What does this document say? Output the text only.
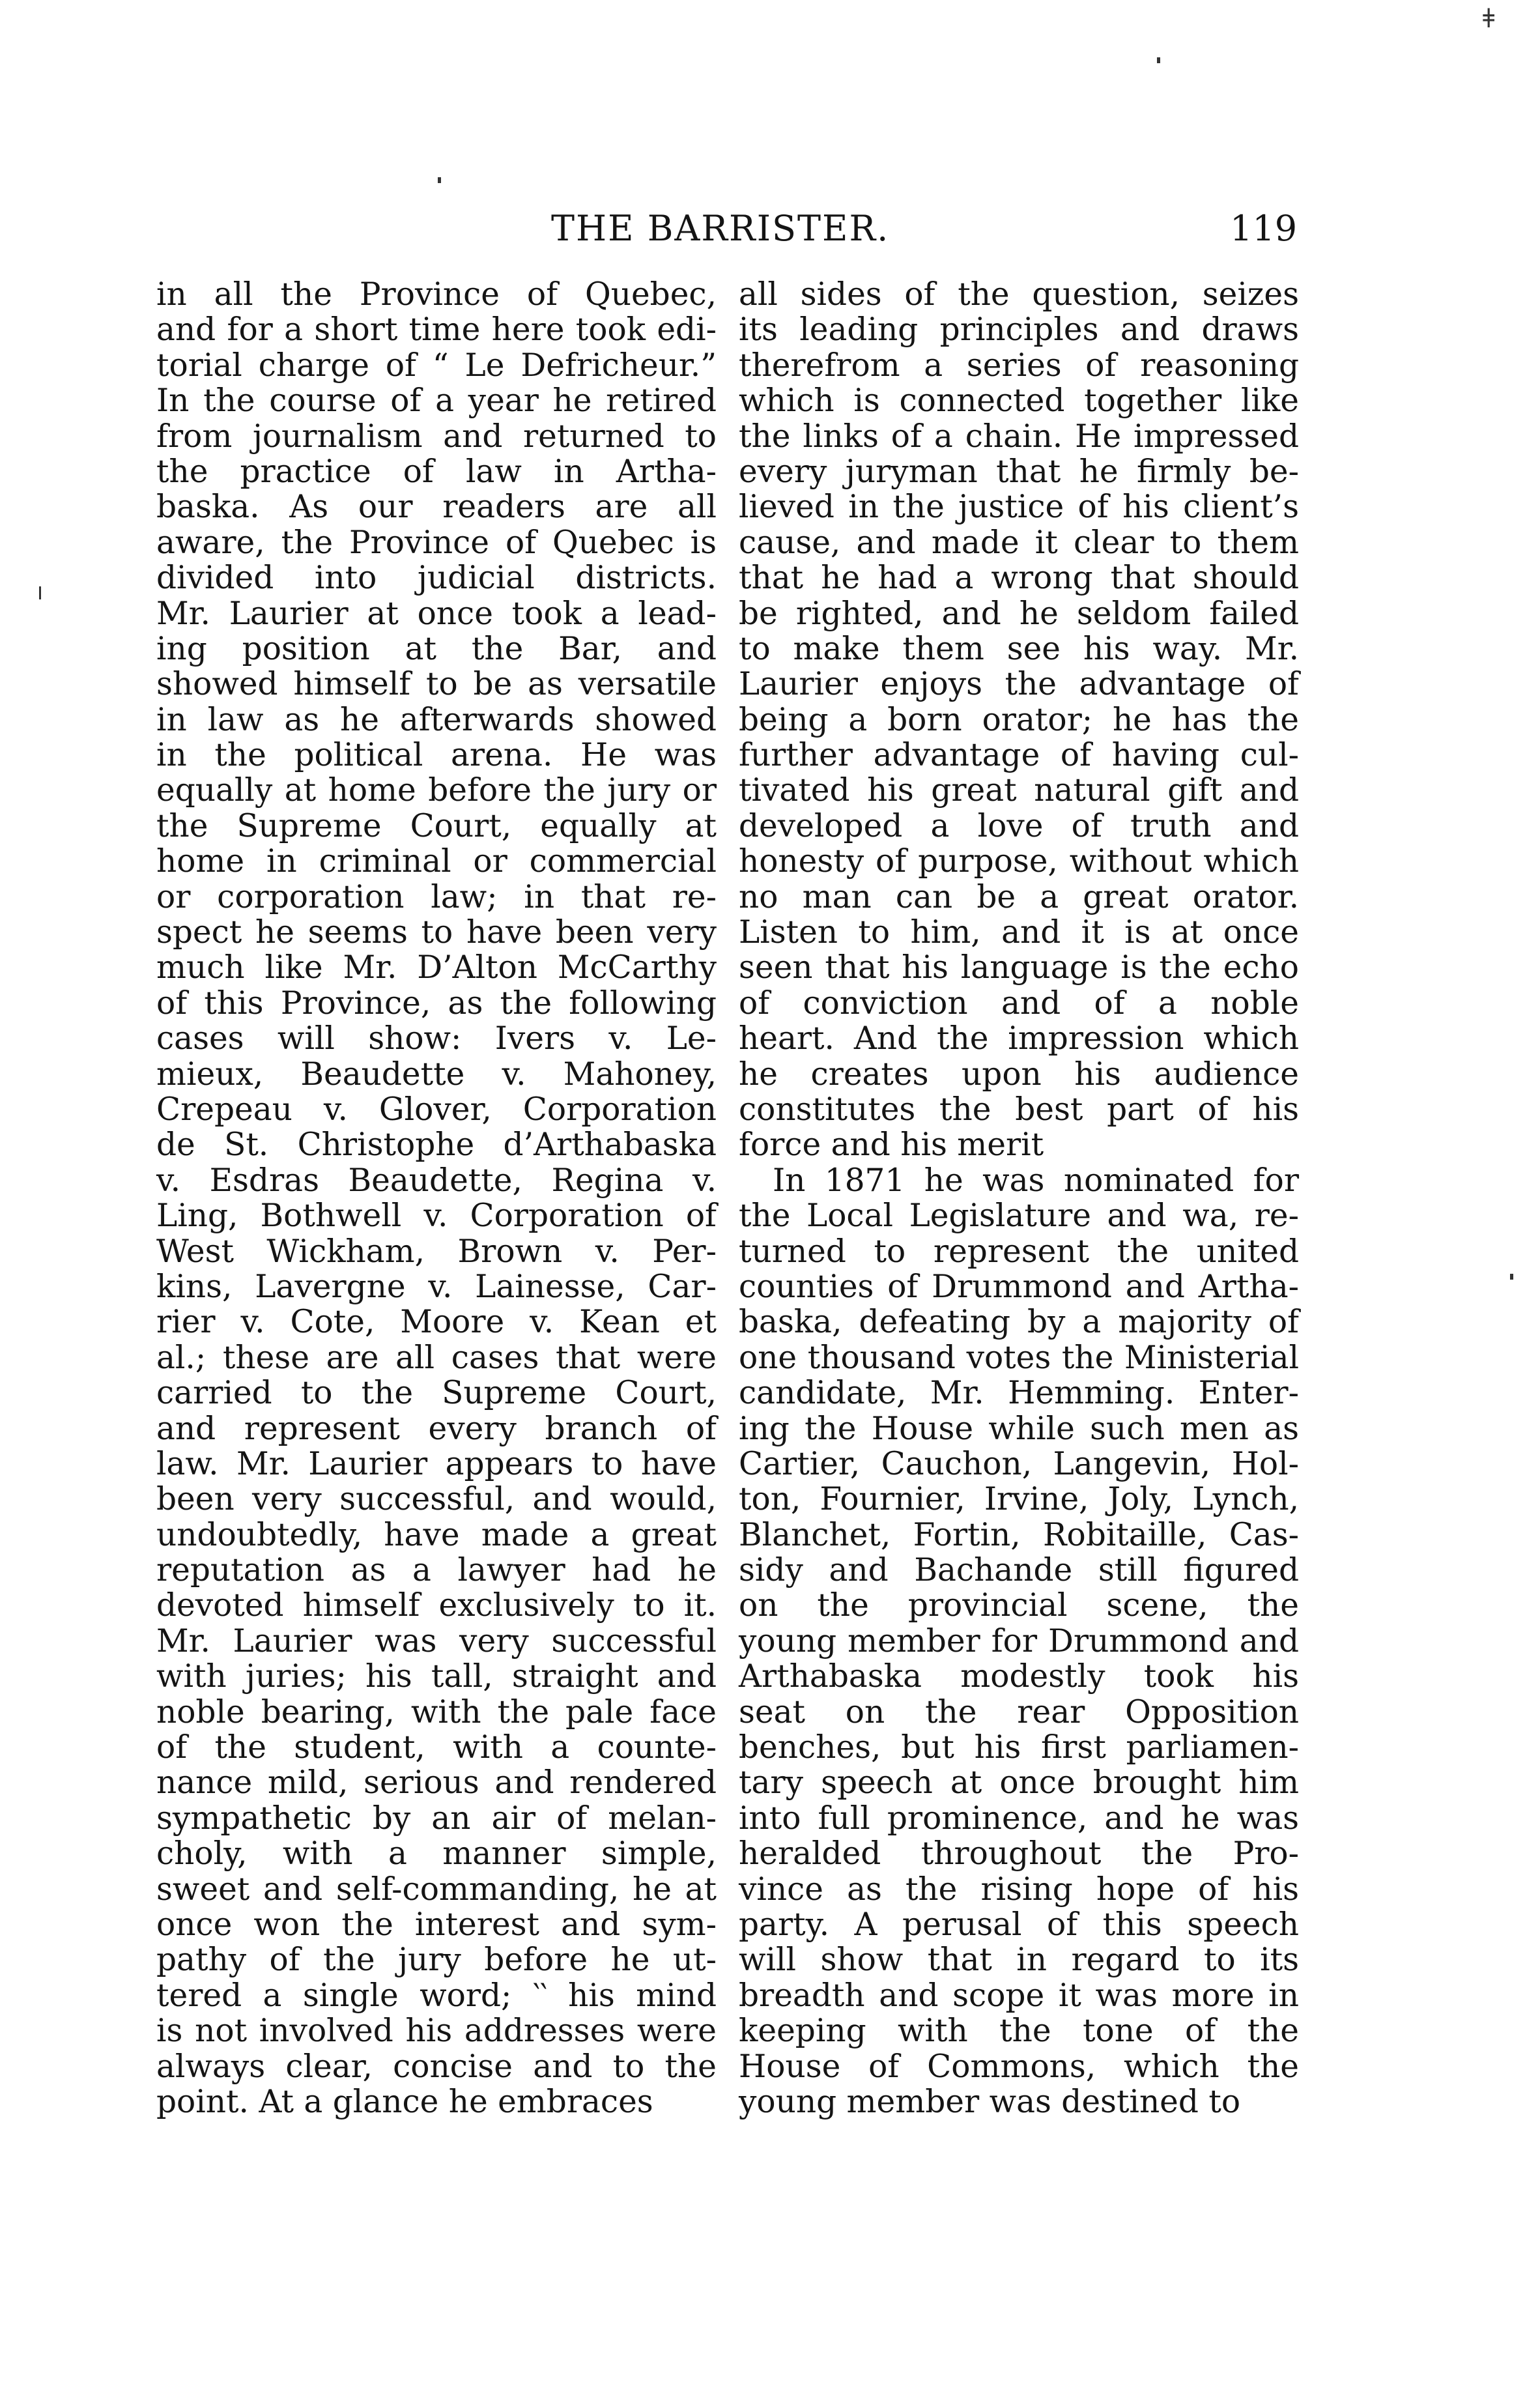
ǂ
THE BARRISTER.	119
in all the Province of Quebec,
and for a short time here took edi-
torial charge of “ Le Defricheur.”
In the course of a year he retired
from journalism and returned to
the practice of law in Artha-
baska. As our readers are all
aware, the Province of Quebec is
divided into judicial districts.
Mr. Laurier at once took a lead-
ing position at the Bar, and
showed himself to be as versatile
in law as he afterwards showed
in the political arena. He was
equally at home before the jury or
the Supreme Court, equally at
home in criminal or commercial
or corporation law; in that re-
spect he seems to have been very
much like Mr. D’Alton McCarthy
of this Province, as the following
cases will show: Ivers v. Le-
mieux, Beaudette v. Mahoney,
Crepeau v. Glover, Corporation
de St. Christophe d’Arthabaska
v. Esdras Beaudette, Regina v.
Ling, Bothwell v. Corporation of
West Wickham, Brown v. Per-
kins, Lavergne v. Lainesse, Car-
rier v. Cote, Moore v. Kean et
al.; these are all cases that were
carried to the Supreme Court,
and represent every branch of
law. Mr. Laurier appears to have
been very successful, and would,
undoubtedly, have made a great
reputation as a lawyer had he
devoted himself exclusively to it.
Mr. Laurier was very successful
with juries; his tall, straight and
noble bearing, with the pale face
of the student, with a counte-
nance mild, serious and rendered
sympathetic by an air of melan-
choly, with a manner simple,
sweet and self-commanding, he at
once won the interest and sym-
pathy of the jury before he ut-
tered a single word; ‵‵ his mind
is not involved his addresses were
always clear, concise and to the
point. At a glance he embraces
all sides of the question, seizes
its leading principles and draws
therefrom a series of reasoning
which is connected together like
the links of a chain. He impressed
every juryman that he firmly be-
lieved in the justice of his client’s
cause, and made it clear to them
that he had a wrong that should
be righted, and he seldom failed
to make them see his way. Mr.
Laurier enjoys the advantage of
being a born orator; he has the
further advantage of having cul-
tivated his great natural gift and
developed a love of truth and
honesty of purpose, without which
no man can be a great orator.
Listen to him, and it is at once
seen that his language is the echo
of conviction and of a noble
heart. And the impression which
he creates upon his audience
constitutes the best part of his
force and his merit
In 1871 he was nominated for
the Local Legislature and wa, re-
turned to represent the united
counties of Drummond and Artha-
baska, defeating by a majority of
one thousand votes the Ministerial
candidate, Mr. Hemming. Enter-
ing the House while such men as
Cartier, Cauchon, Langevin, Hol-
ton, Fournier, Irvine, Joly, Lynch,
Blanchet, Fortin, Robitaille, Cas-
sidy and Bachande still figured
on the provincial scene, the
young member for Drummond and
Arthabaska modestly took his
seat on the rear Opposition
benches, but his first parliamen-
tary speech at once brought him
into full prominence, and he was
heralded throughout the Pro-
vince as the rising hope of his
party. A perusal of this speech
will show that in regard to its
breadth and scope it was more in
keeping with the tone of the
House of Commons, which the
young member was destined to
